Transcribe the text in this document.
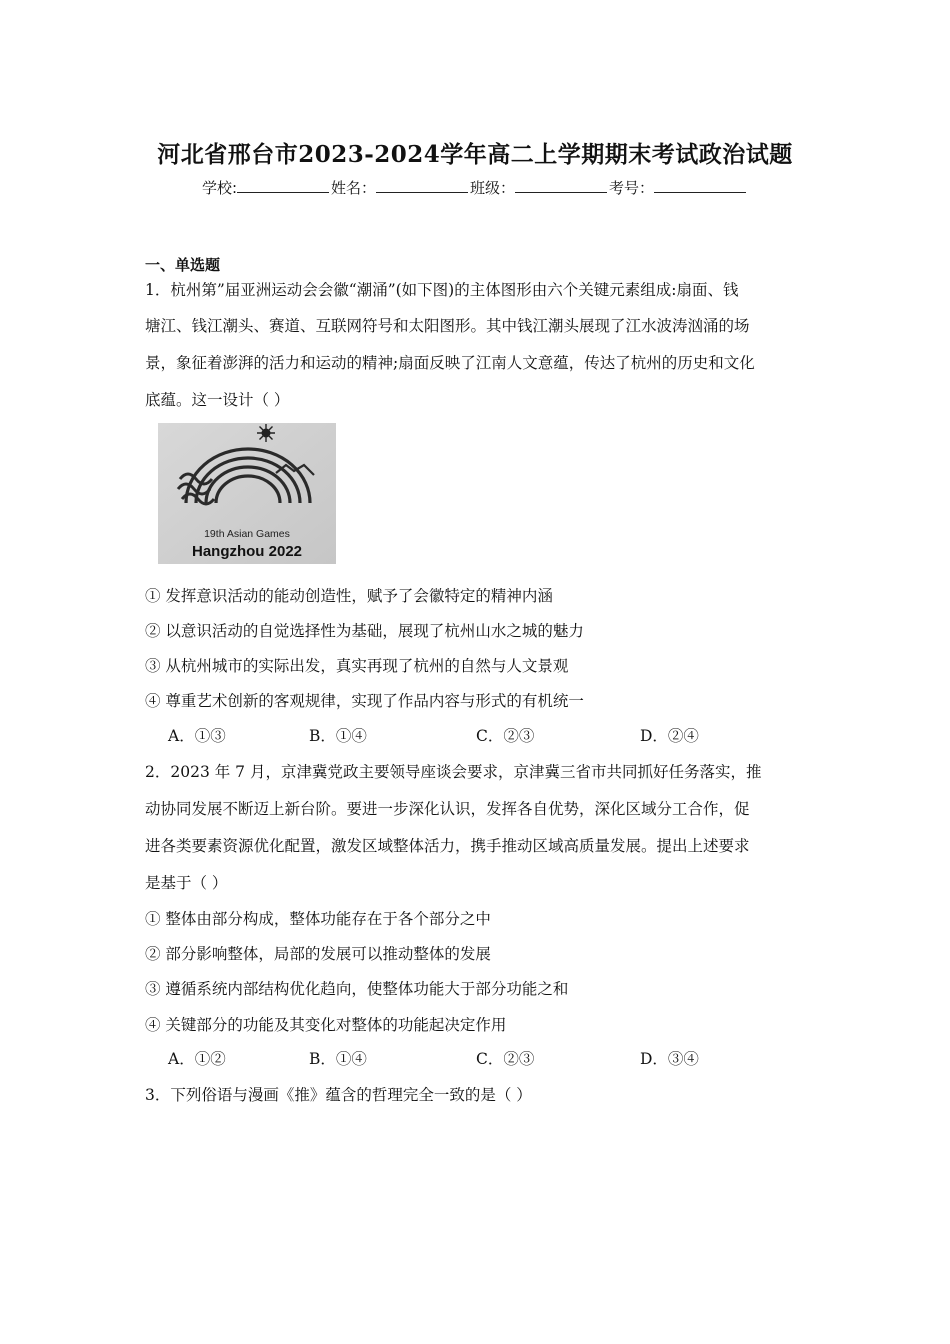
河北省邢台市2023-2024学年高二上学期期末考试政治试题
学校:	姓名：	班级：	考号：
一、单选题
1．杭州第”届亚洲运动会会徽“潮涌”(如下图)的主体图形由六个关键元素组成:扇面、钱
塘江、钱江潮头、赛道、互联网符号和太阳图形。其中钱江潮头展现了江水波涛汹涌的场
景，象征着澎湃的活力和运动的精神;扇面反映了江南人文意蕴，传达了杭州的历史和文化
底蕴。这一设计（ ）
19th Asian Games
Hangzhou 2022
① 发挥意识活动的能动创造性，赋予了会徽特定的精神内涵
② 以意识活动的自觉选择性为基础，展现了杭州山水之城的魅力
③ 从杭州城市的实际出发，真实再现了杭州的自然与人文景观
④ 尊重艺术创新的客观规律，实现了作品内容与形式的有机统一
A．①③	B．①④	C．②③	D．②④
2．2023 年 7 月，京津冀党政主要领导座谈会要求，京津冀三省市共同抓好任务落实，推
动协同发展不断迈上新台阶。要进一步深化认识，发挥各自优势，深化区域分工合作，促
进各类要素资源优化配置，激发区域整体活力，携手推动区域高质量发展。提出上述要求
是基于（ ）
① 整体由部分构成，整体功能存在于各个部分之中
② 部分影响整体，局部的发展可以推动整体的发展
③ 遵循系统内部结构优化趋向，使整体功能大于部分功能之和
④ 关键部分的功能及其变化对整体的功能起决定作用
A．①②	B．①④	C．②③	D．③④
3．下列俗语与漫画《推》蕴含的哲理完全一致的是（ ）
